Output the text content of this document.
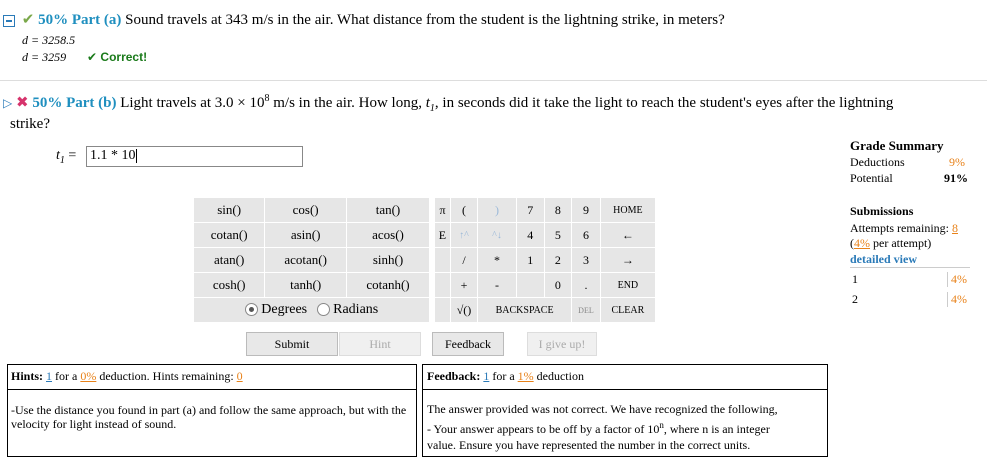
✔ 50% Part (a) Sound travels at 343 m/s in the air. What distance from the student is the lightning strike, in meters?
d = 3258.5
d = 3259 ✔ Correct!
▷ ✖ 50% Part (b) Light travels at $3.0 \times 10^8$ m/s in the air. How long, $t_1$, in seconds did it take the light to reach the student's eyes after the lightning
strike?
$t_1 = 1.1 * 10$
sin()	cos()	tan()
cotan()	asin()	acos()
atan()	acotan()	sinh()
cosh()	tanh()	cotanh()

Degrees Radians		
π	(	)	7	8	9	HOME
E	↑^	^↓	4	5	6	←
	/	*	1	2	3	→
	+	-		0	.	END
	√()	BACKSPACE			DEL	CLEAR
Submit	Hint	Feedback	I give up!
Hints: 1 for a 0% deduction. Hints remaining: 0
-Use the distance you found in part (a) and follow the same approach, but with the velocity for light instead of sound.
Feedback: 1 for a 1% deduction
The answer provided was not correct. We have recognized the following,
- Your answer appears to be off by a factor of 10$^n$, where n is an integer
value. Ensure you have represented the number in the correct units.
Grade Summary
Deductions	9%
Potential	91%
Submissions
Attempts remaining: 8
(4% per attempt)
detailed view
1	4%
2	4%
